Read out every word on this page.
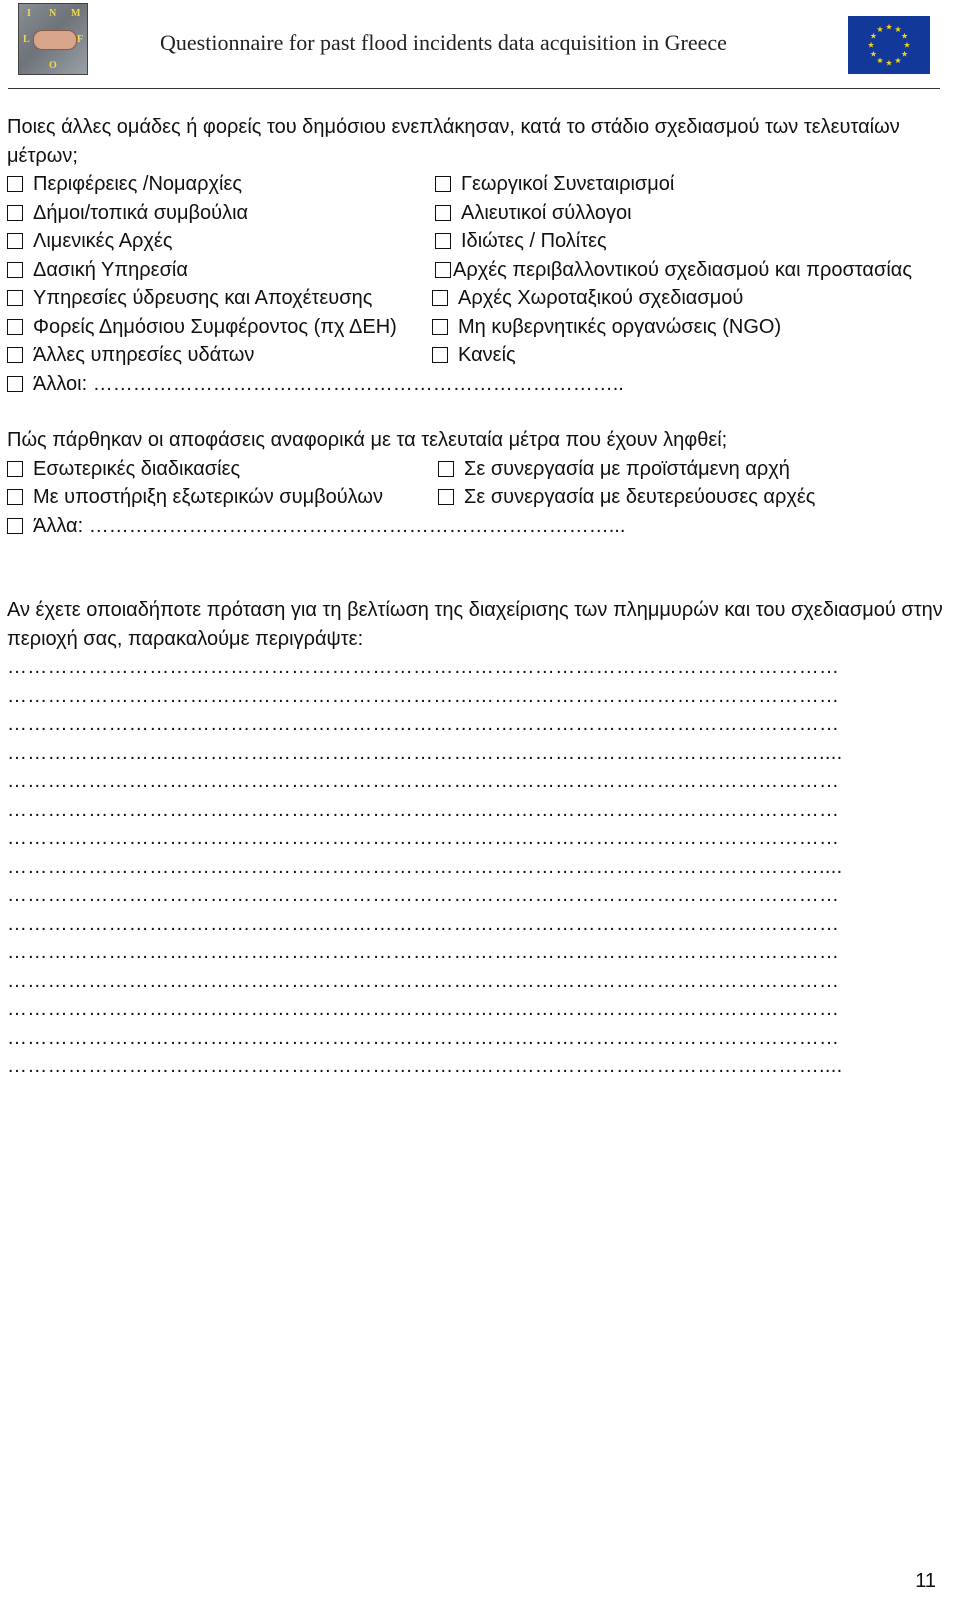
I N M
L	F
O
Questionnaire for past flood incidents data acquisition in Greece

Ποιες άλλες ομάδες ή φορείς του δημόσιου ενεπλάκησαν, κατά το στάδιο σχεδιασμού των τελευταίων μέτρων;

Περιφέρειες /Νομαρχίες	Γεωργικοί Συνεταιρισμοί
Δήμοι/τοπικά συμβούλια	Αλιευτικοί σύλλογοι
Λιμενικές Αρχές	Ιδιώτες / Πολίτες
Δασική Υπηρεσία	Αρχές περιβαλλοντικού σχεδιασμού και προστασίας
Υπηρεσίες ύδρευσης και Αποχέτευσης	Αρχές Χωροταξικού σχεδιασμού
Φορείς Δημόσιου Συμφέροντος (πχ ΔΕΗ)	Μη κυβερνητικές οργανώσεις (NGO)
Άλλες υπηρεσίες υδάτων	Κανείς
Άλλοι: ……………………………………………………………………..

Πώς πάρθηκαν οι αποφάσεις αναφορικά με τα τελευταία μέτρα που έχουν ληφθεί;

Εσωτερικές διαδικασίες	Σε συνεργασία με προϊστάμενη αρχή
Με υποστήριξη εξωτερικών συμβούλων	Σε συνεργασία με δευτερεύουσες αρχές
Άλλα: ……………………………………………………………………...

Αν έχετε οποιαδήποτε πρόταση για τη βελτίωση της διαχείρισης των πλημμυρών και του σχεδιασμού στην περιοχή σας, παρακαλούμε περιγράψτε:

……………………………………………………………………………………………………………
……………………………………………………………………………………………………………
……………………………………………………………………………………………………………
…………………………………………………………………………………………………………....
……………………………………………………………………………………………………………
……………………………………………………………………………………………………………
……………………………………………………………………………………………………………
…………………………………………………………………………………………………………....
……………………………………………………………………………………………………………
……………………………………………………………………………………………………………
……………………………………………………………………………………………………………
……………………………………………………………………………………………………………
……………………………………………………………………………………………………………
……………………………………………………………………………………………………………
…………………………………………………………………………………………………………....
11
